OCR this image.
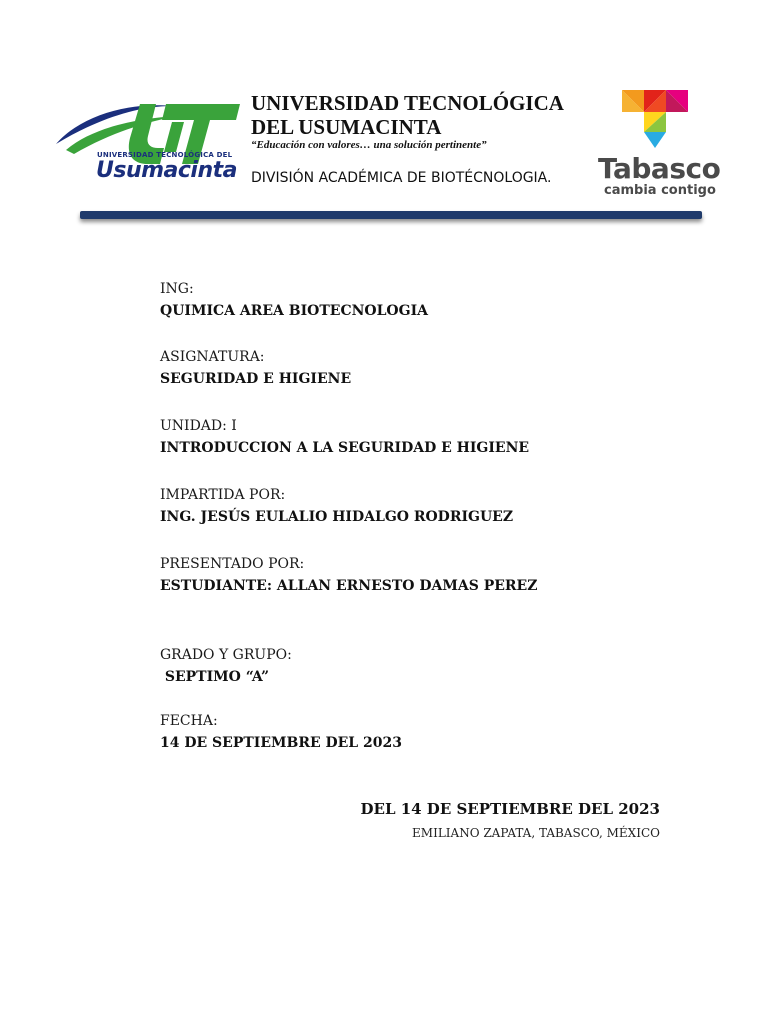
UNIVERSIDAD TECNOLÓGICA DEL
Usumacinta
UNIVERSIDAD TECNOLÓGICA
DEL USUMACINTA
“Educación con valores… una solución pertinente”
DIVISIÓN ACADÉMICA DE BIOTÉCNOLOGIA. Tabasco
cambia contigo
ING:
QUIMICA AREA BIOTECNOLOGIA
ASIGNATURA:
SEGURIDAD E HIGIENE
UNIDAD: I
INTRODUCCION A LA SEGURIDAD E HIGIENE
IMPARTIDA POR:
ING. JESÚS EULALIO HIDALGO RODRIGUEZ
PRESENTADO POR:
ESTUDIANTE: ALLAN ERNESTO DAMAS PEREZ
GRADO Y GRUPO:
SEPTIMO “A”
FECHA:
14 DE SEPTIEMBRE DEL 2023
DEL 14 DE SEPTIEMBRE DEL 2023
EMILIANO ZAPATA, TABASCO, MÉXICO
